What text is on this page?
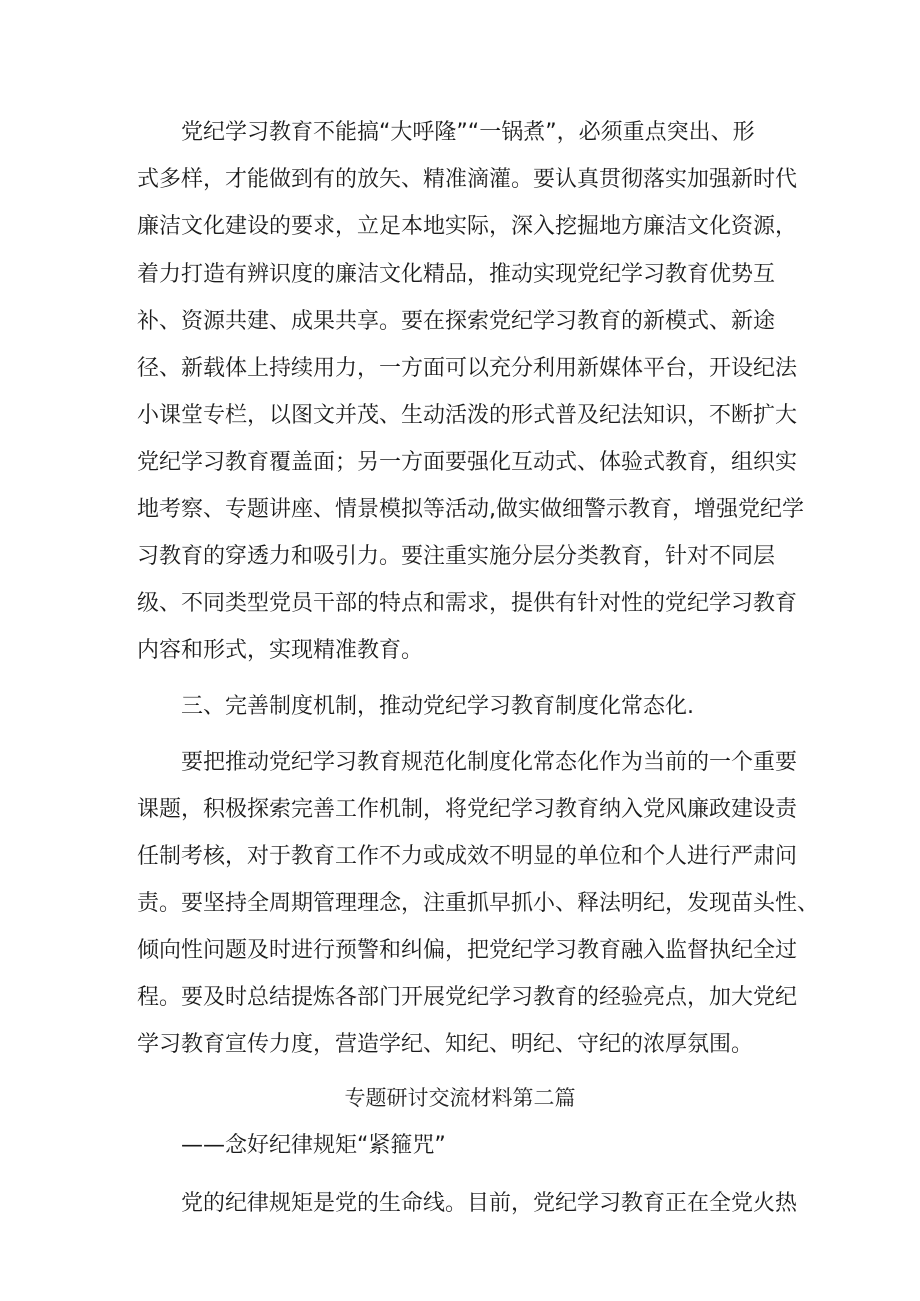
党纪学习教育不能搞“大呼隆”“一锅煮”，必须重点突出、形
式多样，才能做到有的放矢、精准滴灌。要认真贯彻落实加强新时代
廉洁文化建设的要求，立足本地实际，深入挖掘地方廉洁文化资源，
着力打造有辨识度的廉洁文化精品，推动实现党纪学习教育优势互
补、资源共建、成果共享。要在探索党纪学习教育的新模式、新途
径、新载体上持续用力，一方面可以充分利用新媒体平台，开设纪法
小课堂专栏，以图文并茂、生动活泼的形式普及纪法知识，不断扩大
党纪学习教育覆盖面；另一方面要强化互动式、体验式教育，组织实
地考察、专题讲座、情景模拟等活动,做实做细警示教育，增强党纪学
习教育的穿透力和吸引力。要注重实施分层分类教育，针对不同层
级、不同类型党员干部的特点和需求，提供有针对性的党纪学习教育
内容和形式，实现精准教育。
三、完善制度机制，推动党纪学习教育制度化常态化.
要把推动党纪学习教育规范化制度化常态化作为当前的一个重要
课题，积极探索完善工作机制，将党纪学习教育纳入党风廉政建设责
任制考核，对于教育工作不力或成效不明显的单位和个人进行严肃问
责。要坚持全周期管理理念，注重抓早抓小、释法明纪，发现苗头性、
倾向性问题及时进行预警和纠偏，把党纪学习教育融入监督执纪全过
程。要及时总结提炼各部门开展党纪学习教育的经验亮点，加大党纪
学习教育宣传力度，营造学纪、知纪、明纪、守纪的浓厚氛围。
专题研讨交流材料第二篇
——念好纪律规矩“紧箍咒”
党的纪律规矩是党的生命线。目前，党纪学习教育正在全党火热
